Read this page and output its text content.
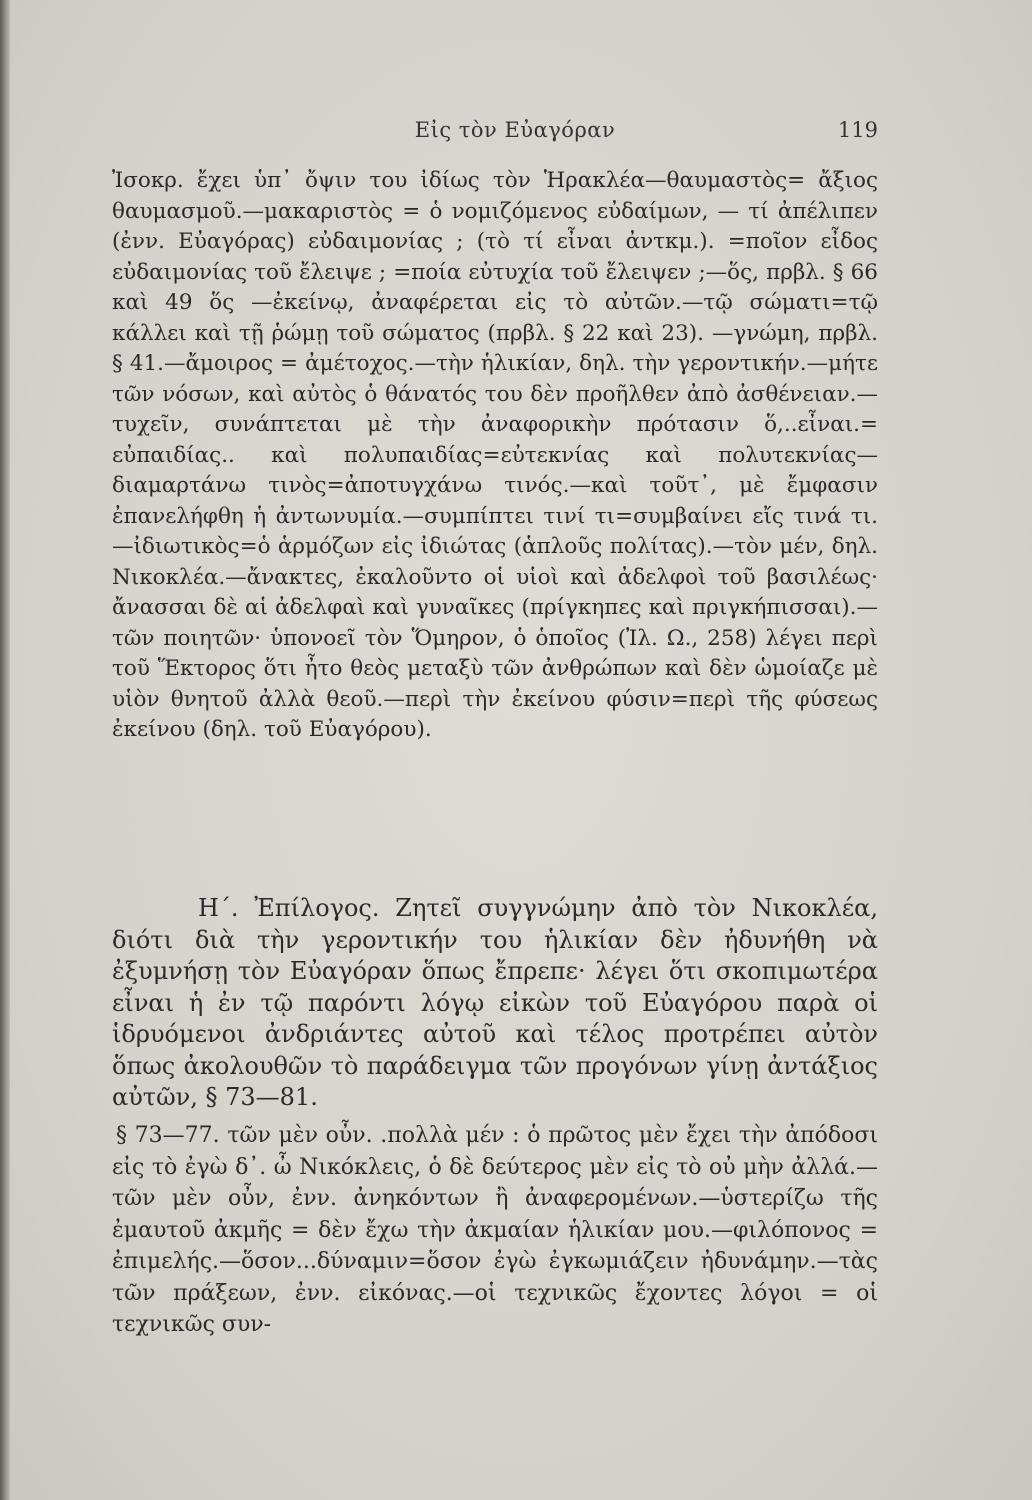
Εἰς τὸν Εὐαγόραν	119

Ἰσοκρ. ἔχει ὑπ᾿ ὄψιν του ἰδίως τὸν Ἡρακλέα—θαυμαστὸς= ἄξιος θαυμασμοῦ.—μακαριστὸς = ὁ νομιζόμενος εὐδαίμων, — τί ἀπέλιπεν (ἐνν. Εὐαγόρας) εὐδαιμονίας ; (τὸ τί εἶναι ἀντκμ.). =ποῖον εἶδος εὐδαιμονίας τοῦ ἔλειψε ; =ποία εὐτυχία τοῦ ἔλειψεν ;—ὅς, πρβλ. § 66 καὶ 49 ὅς —ἐκείνῳ, ἀναφέρεται εἰς τὸ αὐτῶν.—τῷ σώματι=τῷ κάλλει καὶ τῇ ῥώμῃ τοῦ σώματος (πρβλ. § 22 καὶ 23). —γνώμη, πρβλ. § 41.—ἄμοιρος = ἀμέτοχος.—τὴν ἡλικίαν, δηλ. τὴν γεροντικήν.—μήτε τῶν νόσων, καὶ αὐτὸς ὁ θάνατός του δὲν προῆλθεν ἀπὸ ἀσθένειαν.—τυχεῖν, συνάπτεται μὲ τὴν ἀναφορικὴν πρότασιν ὅ,..εἶναι.= εὐπαιδίας.. καὶ πολυπαιδίας=εὐτεκνίας καὶ πολυτεκνίας— διαμαρτάνω τινὸς=ἀποτυγχάνω τινός.—καὶ τοῦτ᾿, μὲ ἔμφασιν ἐπανελήφθη ἡ ἀντωνυμία.—συμπίπτει τινί τι=συμβαίνει εἴς τινά τι.—ἰδιωτικὸς=ὁ ἁρμόζων εἰς ἰδιώτας (ἁπλοῦς πολίτας).—τὸν μέν, δηλ. Νικοκλέα.—ἄνακτες, ἐκαλοῦντο οἱ υἱοὶ καὶ ἀδελφοὶ τοῦ βασιλέως· ἄνασσαι δὲ αἱ ἀδελφαὶ καὶ γυναῖκες (πρίγκηπες καὶ πριγκήπισσαι).—τῶν ποιητῶν· ὑπονοεῖ τὸν Ὅμηρον, ὁ ὁποῖος (Ἰλ. Ω., 258) λέγει περὶ τοῦ Ἕκτορος ὅτι ἦτο θεὸς μεταξὺ τῶν ἀνθρώπων καὶ δὲν ὡμοίαζε μὲ υἱὸν θνητοῦ ἀλλὰ θεοῦ.—περὶ τὴν ἐκείνου φύσιν=περὶ τῆς φύσεως ἐκείνου (δηλ. τοῦ Εὐαγόρου).

Η΄. Ἐπίλογος. Ζητεῖ συγγνώμην ἀπὸ τὸν Νικοκλέα, διότι διὰ τὴν γεροντικήν του ἡλικίαν δὲν ἠδυνήθη νὰ ἐξυμνήσῃ τὸν Εὐαγόραν ὅπως ἔπρεπε· λέγει ὅτι σκοπιμωτέρα εἶναι ἡ ἐν τῷ παρόντι λόγῳ εἰκὼν τοῦ Εὐαγόρου παρὰ οἱ ἱδρυόμενοι ἀνδριάντες αὐτοῦ καὶ τέλος προτρέπει αὐτὸν ὅπως ἀκολουθῶν τὸ παράδειγμα τῶν προγόνων γίνῃ ἀντάξιος αὐτῶν, § 73—81.

§ 73—77. τῶν μὲν οὖν. .πολλὰ μέν : ὁ πρῶτος μὲν ἔχει τὴν ἀπόδοσι εἰς τὸ ἐγὼ δ᾿. ὦ Νικόκλεις, ὁ δὲ δεύτερος μὲν εἰς τὸ οὐ μὴν ἀλλά.—τῶν μὲν οὖν, ἐνν. ἀνηκόντων ἢ ἀναφερομένων.—ὑστερίζω τῆς ἐμαυτοῦ ἀκμῆς = δὲν ἔχω τὴν ἀκμαίαν ἡλικίαν μου.—φιλόπονος = ἐπιμελής.—ὅσον...δύναμιν=ὅσον ἐγὼ ἐγκωμιάζειν ἠδυνάμην.—τὰς τῶν πράξεων, ἐνν. εἰκόνας.—οἱ τεχνικῶς ἔχοντες λόγοι = οἱ τεχνικῶς συν-
